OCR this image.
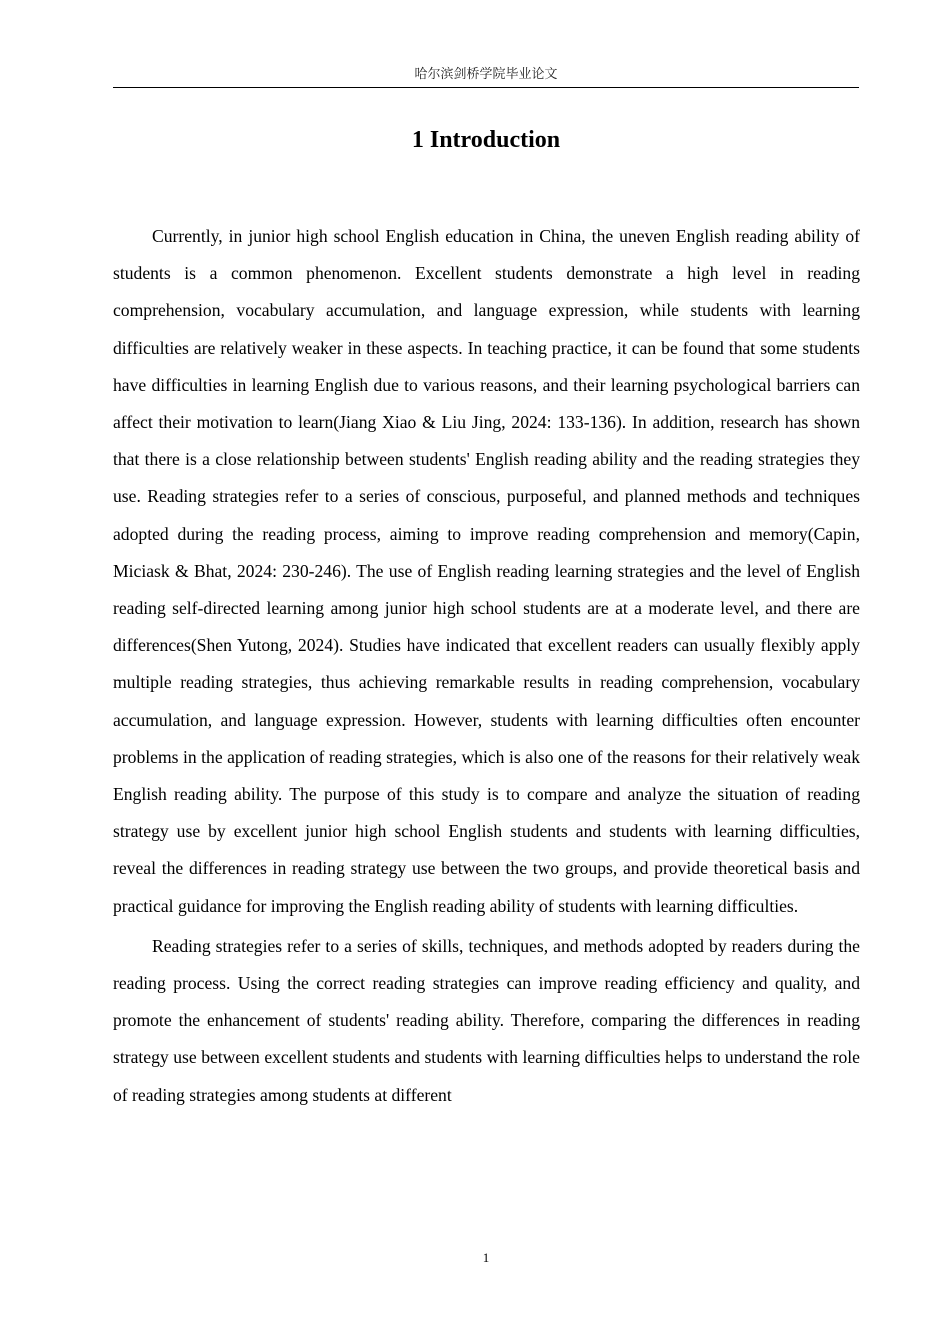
哈尔滨剑桥学院毕业论文
1 Introduction

Currently, in junior high school English education in China, the uneven English reading ability of students is a common phenomenon. Excellent students demonstrate a high level in reading comprehension, vocabulary accumulation, and language expression, while students with learning difficulties are relatively weaker in these aspects. In teaching practice, it can be found that some students have difficulties in learning English due to various reasons, and their learning psychological barriers can affect their motivation to learn(Jiang Xiao & Liu Jing, 2024: 133-136). In addition, research has shown that there is a close relationship between students' English reading ability and the reading strategies they use. Reading strategies refer to a series of conscious, purposeful, and planned methods and techniques adopted during the reading process, aiming to improve reading comprehension and memory(Capin, Miciask & Bhat, 2024: 230-246). The use of English reading learning strategies and the level of English reading self-directed learning among junior high school students are at a moderate level, and there are differences(Shen Yutong, 2024). Studies have indicated that excellent readers can usually flexibly apply multiple reading strategies, thus achieving remarkable results in reading comprehension, vocabulary accumulation, and language expression. However, students with learning difficulties often encounter problems in the application of reading strategies, which is also one of the reasons for their relatively weak English reading ability. The purpose of this study is to compare and analyze the situation of reading strategy use by excellent junior high school English students and students with learning difficulties, reveal the differences in reading strategy use between the two groups, and provide theoretical basis and practical guidance for improving the English reading ability of students with learning difficulties.

Reading strategies refer to a series of skills, techniques, and methods adopted by readers during the reading process. Using the correct reading strategies can improve reading efficiency and quality, and promote the enhancement of students' reading ability. Therefore, comparing the differences in reading strategy use between excellent students and students with learning difficulties helps to understand the role of reading strategies among students at different

1
